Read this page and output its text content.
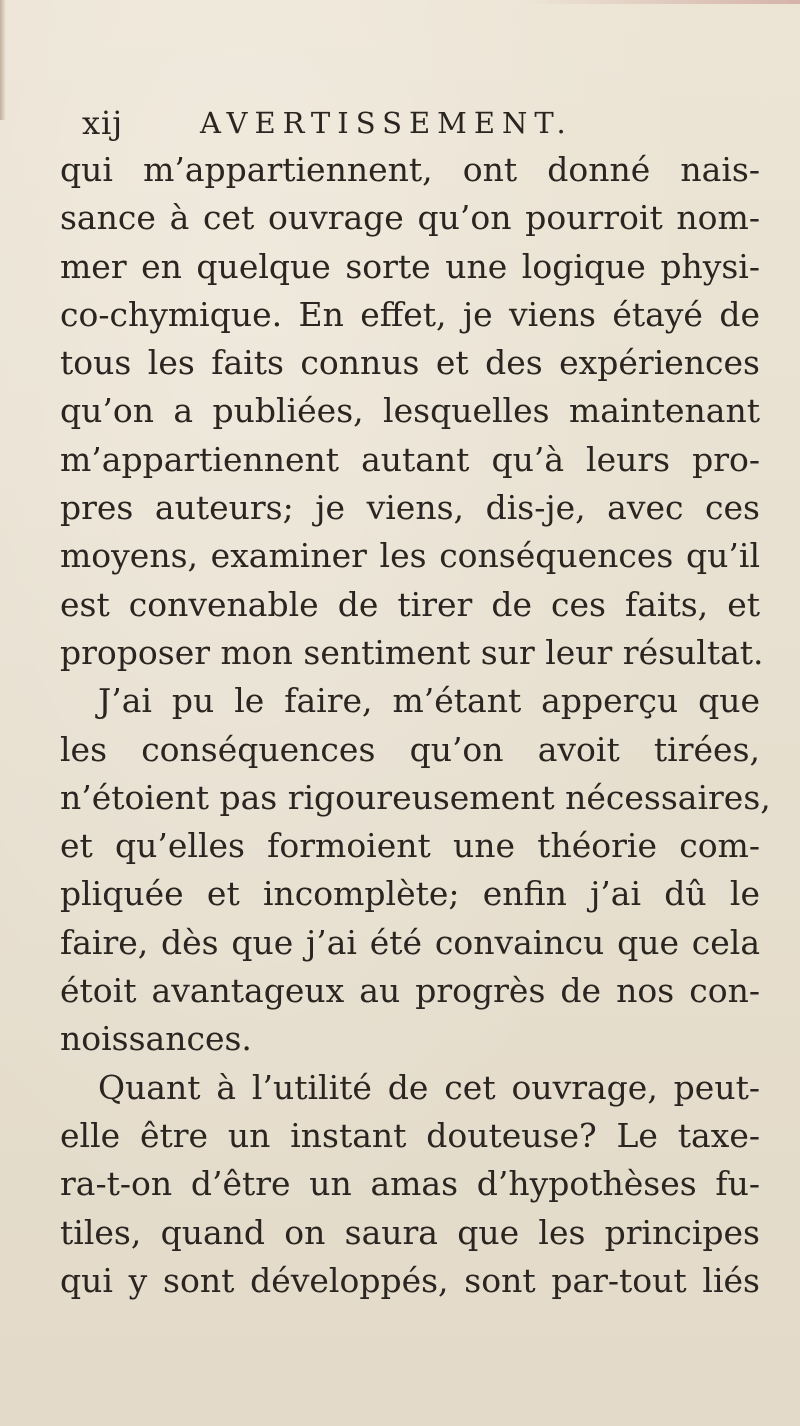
xij	AVERTISSEMENT.
qui m’appartiennent, ont donné nais-
sance à cet ouvrage qu’on pourroit nom-
mer en quelque sorte une logique physi-
co-chymique. En effet, je viens étayé de
tous les faits connus et des expériences
qu’on a publiées, lesquelles maintenant
m’appartiennent autant qu’à leurs pro-
pres auteurs; je viens, dis-je, avec ces
moyens, examiner les conséquences qu’il
est convenable de tirer de ces faits, et
proposer mon sentiment sur leur résultat.
J’ai pu le faire, m’étant apperçu que
les conséquences qu’on avoit tirées,
n’étoient pas rigoureusement nécessaires,
et qu’elles formoient une théorie com-
pliquée et incomplète; enfin j’ai dû le
faire, dès que j’ai été convaincu que cela
étoit avantageux au progrès de nos con-
noissances.
Quant à l’utilité de cet ouvrage, peut-
elle être un instant douteuse? Le taxe-
ra-t-on d’être un amas d’hypothèses fu-
tiles, quand on saura que les principes
qui y sont développés, sont par-tout liés
